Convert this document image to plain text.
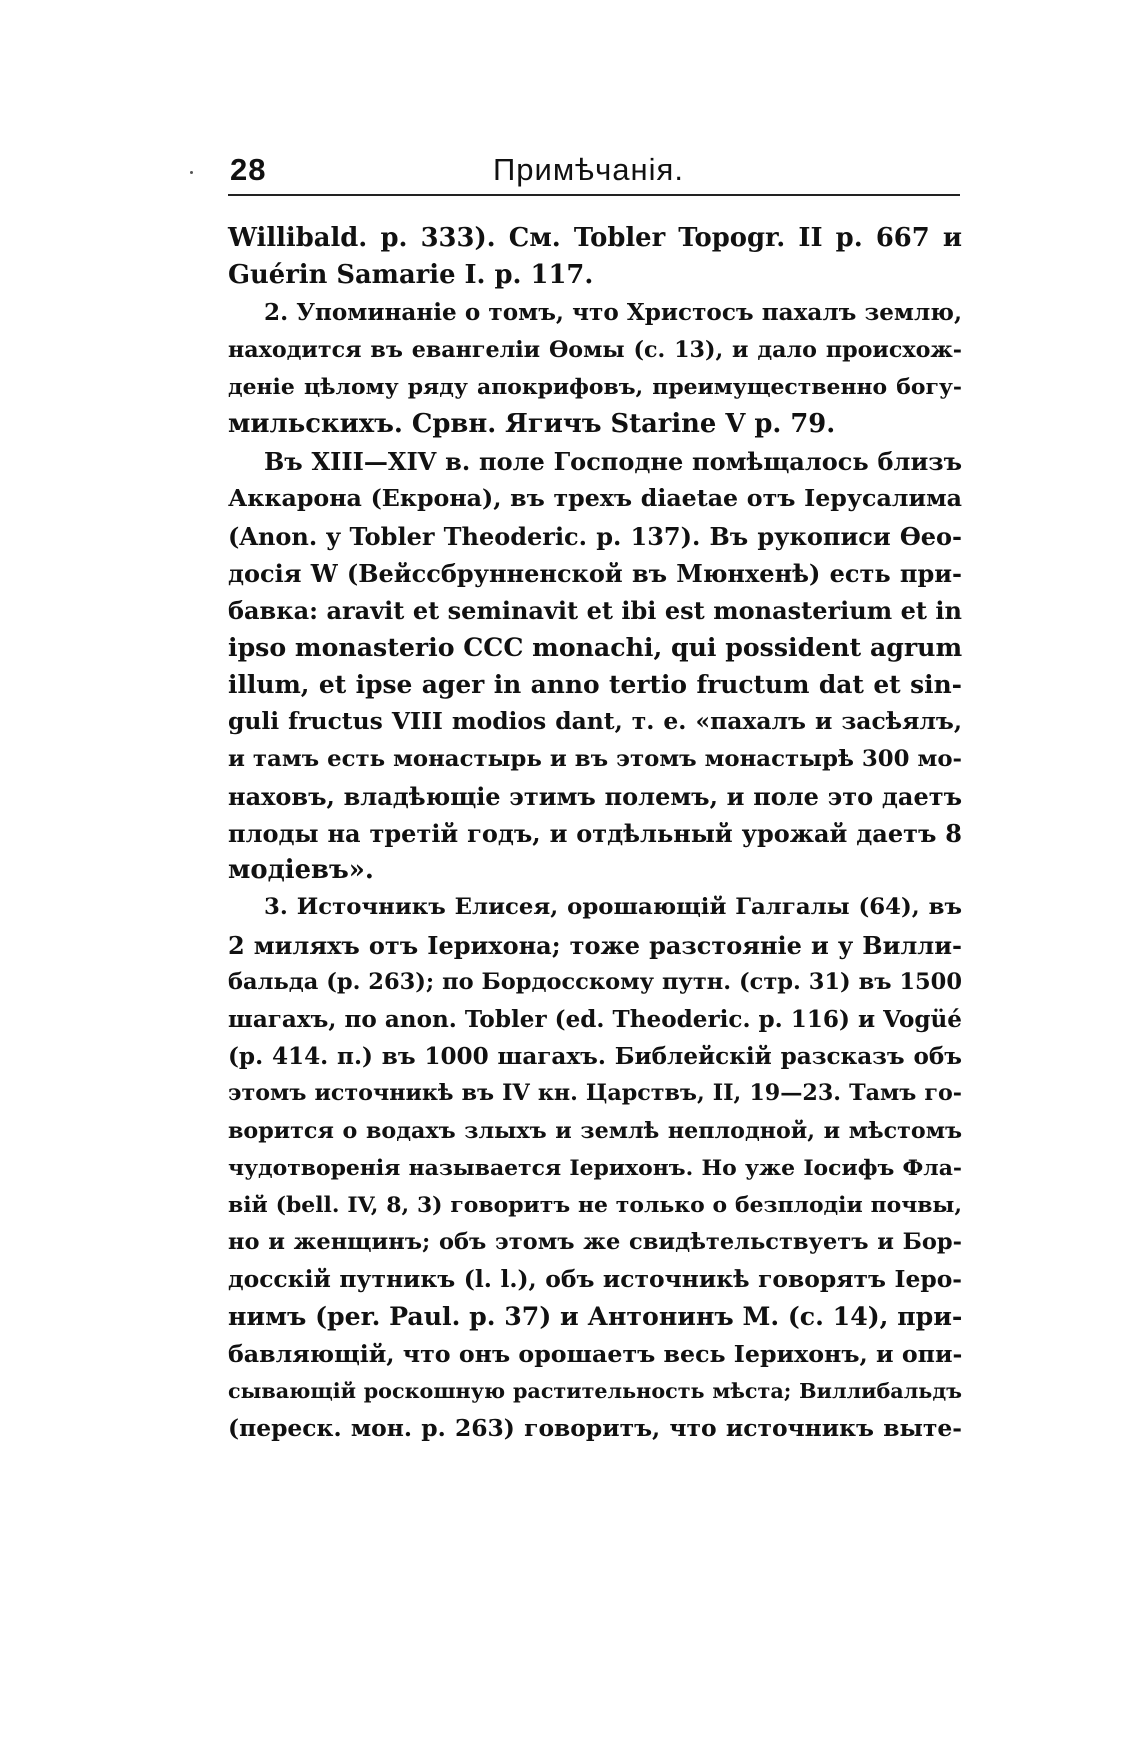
28	Примѣчанія.
Willibald. p. 333). См. Tobler Topogr. II p. 667 и
Guérin Samarie I. p. 117.
2. Упоминаніе о томъ, что Христосъ пахалъ землю,
находится въ евангеліи Ѳомы (с. 13), и дало происхож-
деніе цѣлому ряду апокрифовъ, преимущественно богу-
мильскихъ. Срвн. Ягичъ Starine V p. 79.
Въ XIII—XIV в. поле Господне помѣщалось близъ
Аккарона (Екрона), въ трехъ diaetae отъ Іерусалима
(Anon. y Tobler Theoderic. p. 137). Въ рукописи Ѳео-
досія W (Вейссбрунненской въ Мюнхенѣ) есть при-
бавка: aravit et seminavit et ibi est monasterium et in
ipso monasterio CCC monachi, qui possident agrum
illum, et ipse ager in anno tertio fructum dat et sin-
guli fructus VIII modios dant, т. е. «пахалъ и засѣялъ,
и тамъ есть монастырь и въ этомъ монастырѣ 300 мо-
наховъ, владѣющіе этимъ полемъ, и поле это даетъ
плоды на третій годъ, и отдѣльный урожай даетъ 8
модіевъ».
3. Источникъ Елисея, орошающій Галгалы (64), въ
2 миляхъ отъ Іерихона; тоже разстояніе и у Вилли-
бальда (p. 263); по Бордосскому путн. (стр. 31) въ 1500
шагахъ, по anon. Tobler (ed. Theoderic. p. 116) и Vogüé
(p. 414. п.) въ 1000 шагахъ. Библейскій разсказъ объ
этомъ источникѣ въ IV кн. Царствъ, II, 19—23. Тамъ го-
ворится о водахъ злыхъ и землѣ неплодной, и мѣстомъ
чудотворенія называется Іерихонъ. Но уже Іосифъ Фла-
вій (bell. IV, 8, 3) говоритъ не только о безплодіи почвы,
но и женщинъ; объ этомъ же свидѣтельствуетъ и Бор-
досскій путникъ (l. l.), объ источникѣ говорятъ Іеро-
нимъ (per. Paul. p. 37) и Антонинъ М. (с. 14), при-
бавляющій, что онъ орошаетъ весь Іерихонъ, и опи-
сывающій роскошную растительность мѣста; Виллибальдъ
(переск. мон. p. 263) говоритъ, что источникъ выте-
